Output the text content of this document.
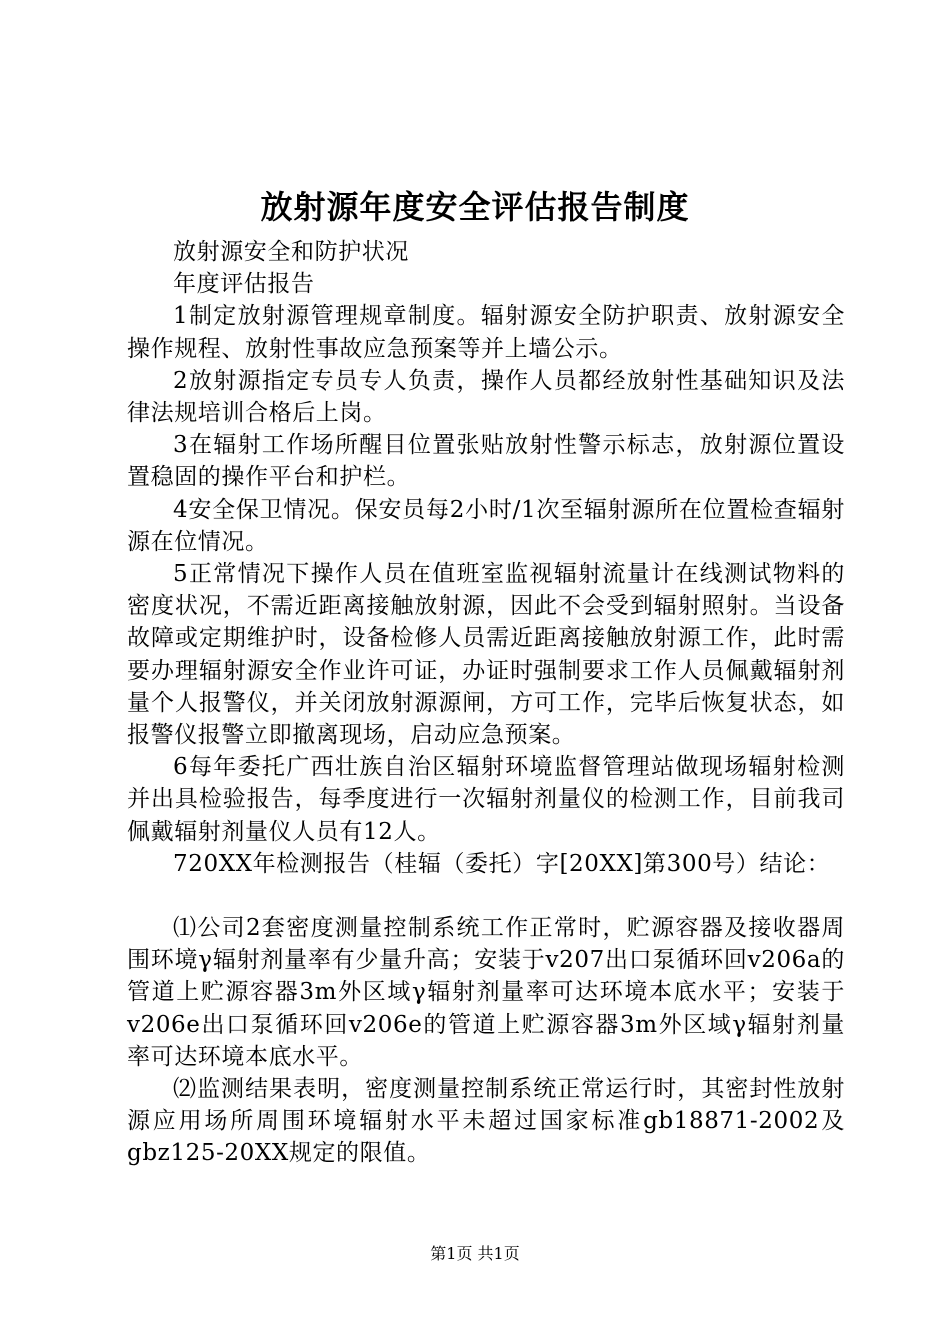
放射源年度安全评估报告制度

放射源安全和防护状况

年度评估报告

1制定放射源管理规章制度。辐射源安全防护职责、放射源安全操作规程、放射性事故应急预案等并上墙公示。

2放射源指定专员专人负责，操作人员都经放射性基础知识及法律法规培训合格后上岗。

3在辐射工作场所醒目位置张贴放射性警示标志，放射源位置设置稳固的操作平台和护栏。

4安全保卫情况。保安员每2小时/1次至辐射源所在位置检查辐射源在位情况。

5正常情况下操作人员在值班室监视辐射流量计在线测试物料的密度状况，不需近距离接触放射源，因此不会受到辐射照射。当设备故障或定期维护时，设备检修人员需近距离接触放射源工作，此时需要办理辐射源安全作业许可证，办证时强制要求工作人员佩戴辐射剂量个人报警仪，并关闭放射源源闸，方可工作，完毕后恢复状态，如报警仪报警立即撤离现场，启动应急预案。

6每年委托广西壮族自治区辐射环境监督管理站做现场辐射检测并出具检验报告，每季度进行一次辐射剂量仪的检测工作，目前我司佩戴辐射剂量仪人员有12人。

720XX年检测报告（桂辐（委托）字[20XX]第300号）结论：

⑴公司2套密度测量控制系统工作正常时，贮源容器及接收器周围环境γ辐射剂量率有少量升高；安装于v207出口泵循环回v206a的管道上贮源容器3m外区域γ辐射剂量率可达环境本底水平；安装于v206e出口泵循环回v206e的管道上贮源容器3m外区域γ辐射剂量率可达环境本底水平。

⑵监测结果表明，密度测量控制系统正常运行时，其密封性放射源应用场所周围环境辐射水平未超过国家标准gb18871-2002及gbz125-20XX规定的限值。

第1页 共1页
